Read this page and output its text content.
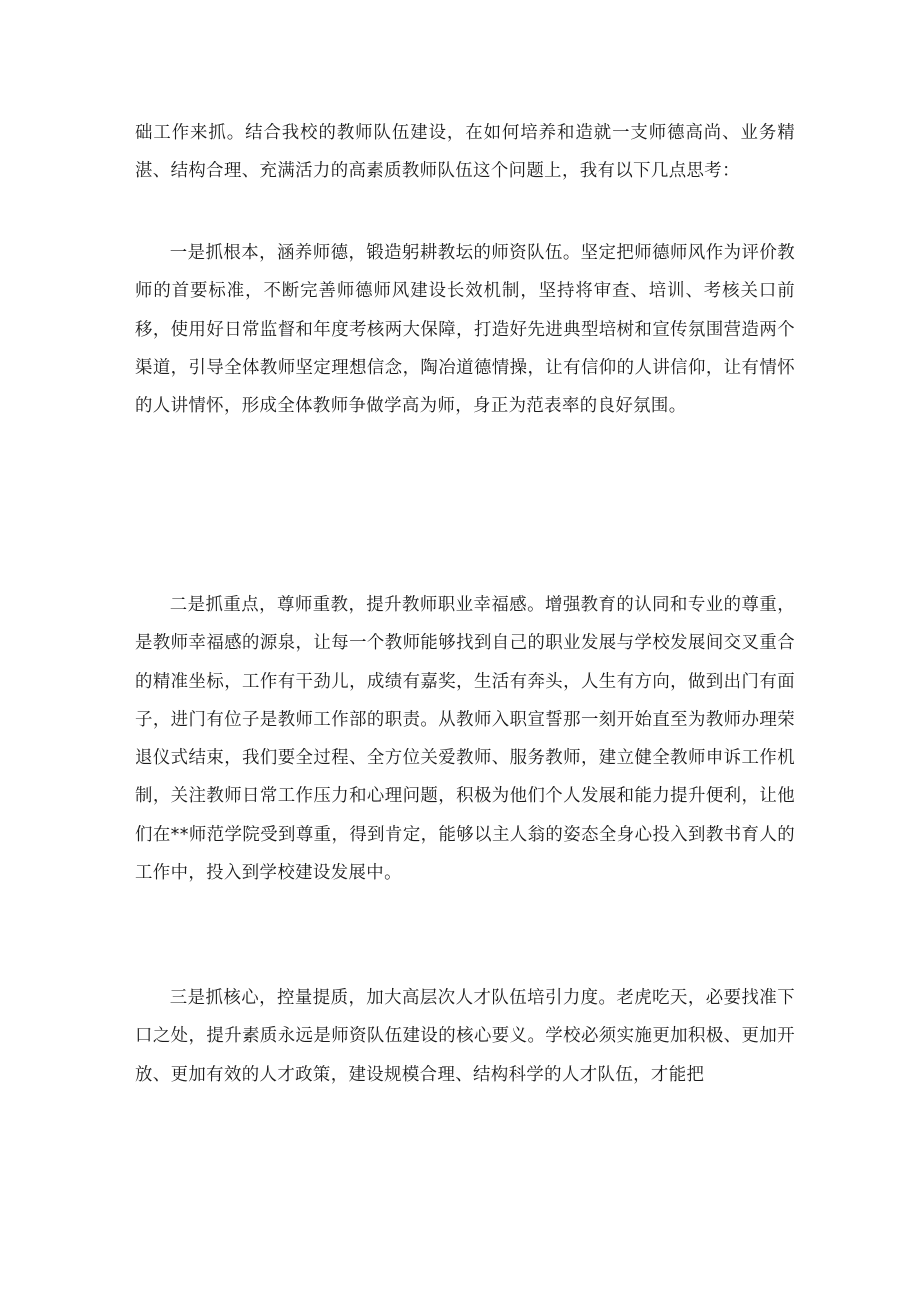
础工作来抓。结合我校的教师队伍建设，在如何培养和造就一支师德高尚、业务精湛、结构合理、充满活力的高素质教师队伍这个问题上，我有以下几点思考：

一是抓根本，涵养师德，锻造躬耕教坛的师资队伍。坚定把师德师风作为评价教师的首要标准，不断完善师德师风建设长效机制，坚持将审查、培训、考核关口前移，使用好日常监督和年度考核两大保障，打造好先进典型培树和宣传氛围营造两个渠道，引导全体教师坚定理想信念，陶冶道德情操，让有信仰的人讲信仰，让有情怀的人讲情怀，形成全体教师争做学高为师，身正为范表率的良好氛围。

二是抓重点，尊师重教，提升教师职业幸福感。增强教育的认同和专业的尊重，是教师幸福感的源泉，让每一个教师能够找到自己的职业发展与学校发展间交叉重合的精准坐标，工作有干劲儿，成绩有嘉奖，生活有奔头，人生有方向，做到出门有面子，进门有位子是教师工作部的职责。从教师入职宣誓那一刻开始直至为教师办理荣退仪式结束，我们要全过程、全方位关爱教师、服务教师，建立健全教师申诉工作机制，关注教师日常工作压力和心理问题，积极为他们个人发展和能力提升便利，让他们在**师范学院受到尊重，得到肯定，能够以主人翁的姿态全身心投入到教书育人的工作中，投入到学校建设发展中。

三是抓核心，控量提质，加大高层次人才队伍培引力度。老虎吃天，必要找准下口之处，提升素质永远是师资队伍建设的核心要义。学校必须实施更加积极、更加开放、更加有效的人才政策，建设规模合理、结构科学的人才队伍，才能把
